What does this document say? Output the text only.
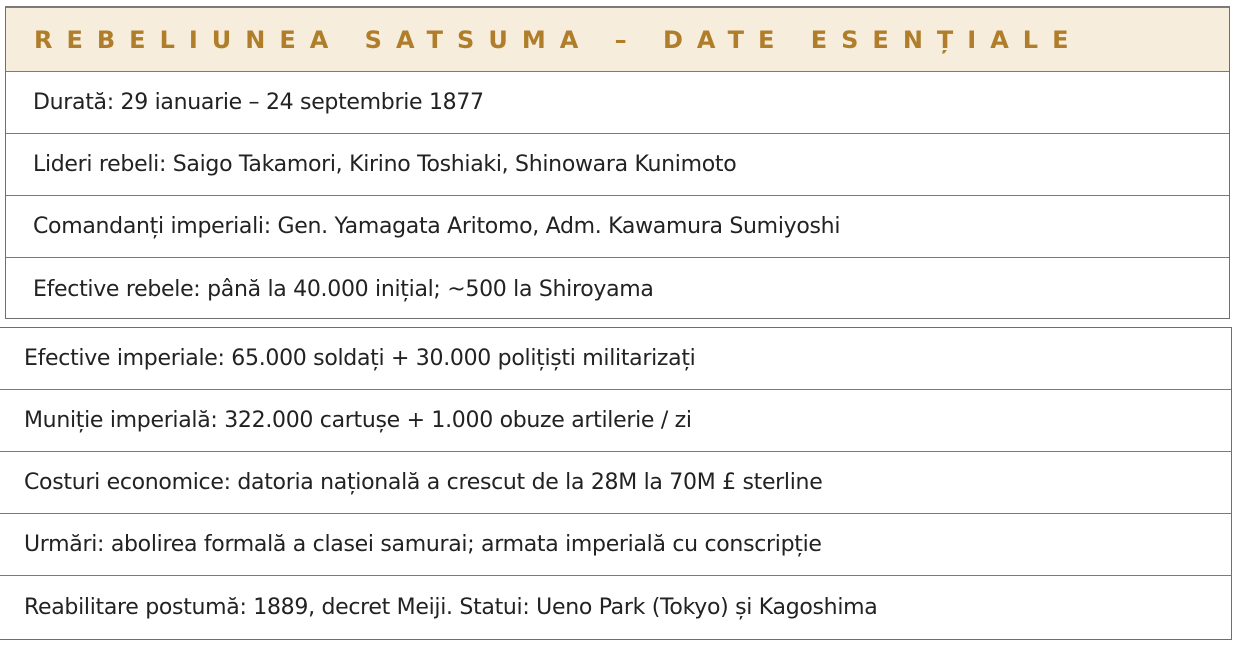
REBELIUNEA SATSUMA – DATE ESENȚIALE
Durată: 29 ianuarie – 24 septembrie 1877
Lideri rebeli: Saigo Takamori, Kirino Toshiaki, Shinowara Kunimoto
Comandanți imperiali: Gen. Yamagata Aritomo, Adm. Kawamura Sumiyoshi
Efective rebele: până la 40.000 inițial; ~500 la Shiroyama
Efective imperiale: 65.000 soldați + 30.000 polițiști militarizați
Muniție imperială: 322.000 cartușe + 1.000 obuze artilerie / zi
Costuri economice: datoria națională a crescut de la 28M la 70M £ sterline
Urmări: abolirea formală a clasei samurai; armata imperială cu conscripție
Reabilitare postumă: 1889, decret Meiji. Statui: Ueno Park (Tokyo) și Kagoshima
